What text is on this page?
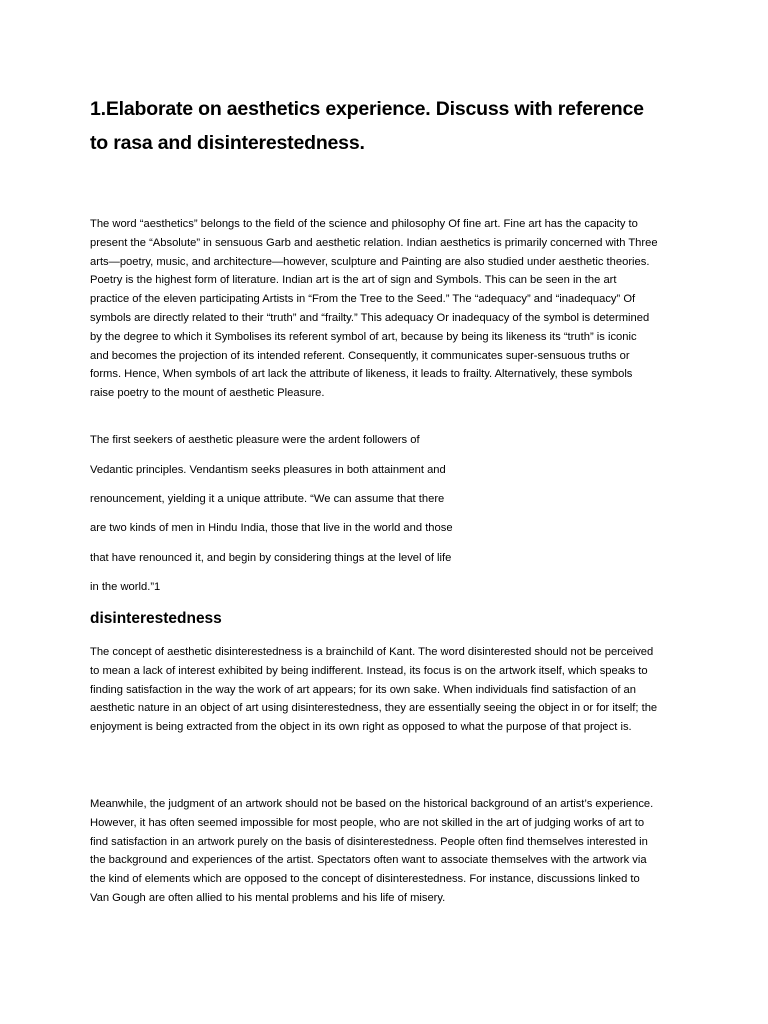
1.Elaborate on aesthetics experience. Discuss with reference to rasa and disinterestedness.

The word “aesthetics” belongs to the field of the science and philosophy Of fine art. Fine art has the capacity to present the “Absolute” in sensuous Garb and aesthetic relation. Indian aesthetics is primarily concerned with Three arts—poetry, music, and architecture—however, sculpture and Painting are also studied under aesthetic theories. Poetry is the highest form of literature. Indian art is the art of sign and Symbols. This can be seen in the art practice of the eleven participating Artists in “From the Tree to the Seed.” The “adequacy” and “inadequacy” Of symbols are directly related to their “truth” and “frailty.” This adequacy Or inadequacy of the symbol is determined by the degree to which it Symbolises its referent symbol of art, because by being its likeness its “truth” is iconic and becomes the projection of its intended referent. Consequently, it communicates super-sensuous truths or forms. Hence, When symbols of art lack the attribute of likeness, it leads to frailty. Alternatively, these symbols raise poetry to the mount of aesthetic Pleasure.

The first seekers of aesthetic pleasure were the ardent followers of
Vedantic principles. Vendantism seeks pleasures in both attainment and
renouncement, yielding it a unique attribute. “We can assume that there
are two kinds of men in Hindu India, those that live in the world and those
that have renounced it, and begin by considering things at the level of life
in the world.”1
disinterestedness

The concept of aesthetic disinterestedness is a brainchild of Kant. The word disinterested should not be perceived to mean a lack of interest exhibited by being indifferent. Instead, its focus is on the artwork itself, which speaks to finding satisfaction in the way the work of art appears; for its own sake. When individuals find satisfaction of an aesthetic nature in an object of art using disinterestedness, they are essentially seeing the object in or for itself; the enjoyment is being extracted from the object in its own right as opposed to what the purpose of that project is.

Meanwhile, the judgment of an artwork should not be based on the historical background of an artist’s experience. However, it has often seemed impossible for most people, who are not skilled in the art of judging works of art to find satisfaction in an artwork purely on the basis of disinterestedness. People often find themselves interested in the background and experiences of the artist. Spectators often want to associate themselves with the artwork via the kind of elements which are opposed to the concept of disinterestedness. For instance, discussions linked to Van Gough are often allied to his mental problems and his life of misery.
